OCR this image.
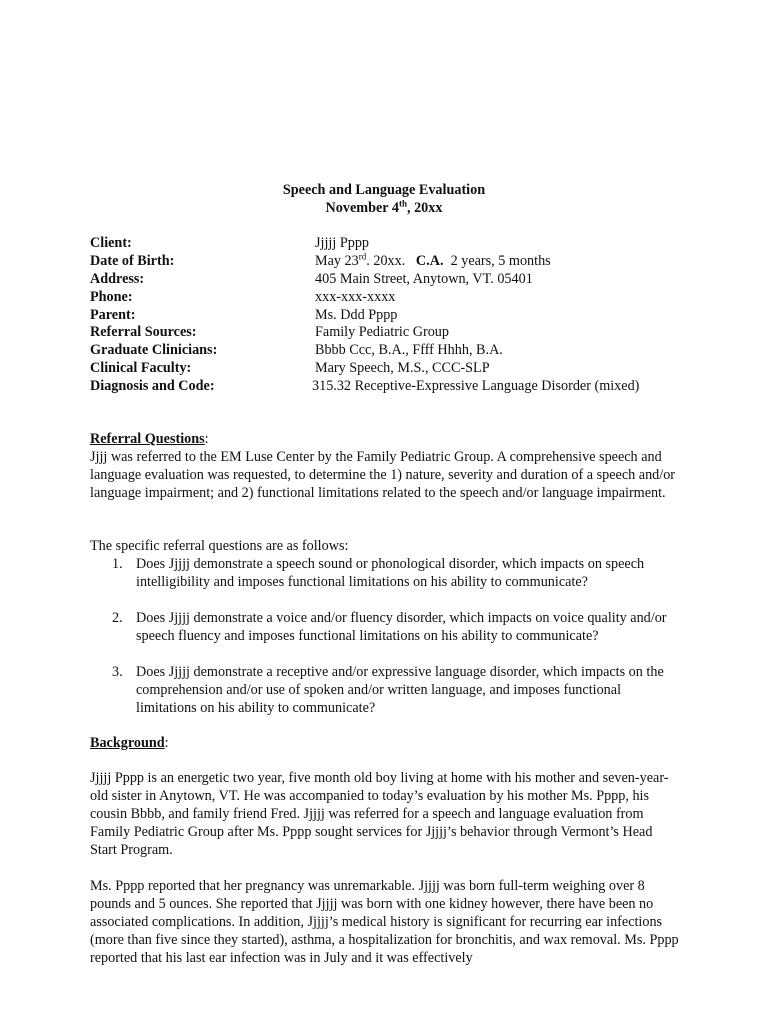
Speech and Language Evaluation
November 4th, 20xx
Client:	Jjjjj Pppp
Date of Birth:	May 23rd. 20xx.   C.A.  2 years, 5 months
Address:	405 Main Street, Anytown, VT. 05401
Phone:	xxx-xxx-xxxx
Parent:	Ms. Ddd Pppp
Referral Sources:	Family Pediatric Group
Graduate Clinicians:	Bbbb Ccc, B.A., Ffff Hhhh, B.A.
Clinical Faculty:	Mary Speech, M.S., CCC-SLP
Diagnosis and Code:	315.32 Receptive-Expressive Language Disorder (mixed)

Referral Questions:

Jjjj was referred to the EM Luse Center by the Family Pediatric Group. A comprehensive speech and language evaluation was requested, to determine the 1) nature, severity and duration of a speech and/or language impairment; and 2) functional limitations related to the speech and/or language impairment.

The specific referral questions are as follows:
1. Does Jjjjj demonstrate a speech sound or phonological disorder, which impacts on speech intelligibility and imposes functional limitations on his ability to communicate?
2. Does Jjjjj demonstrate a voice and/or fluency disorder, which impacts on voice quality and/or speech fluency and imposes functional limitations on his ability to communicate?
3. Does Jjjjj demonstrate a receptive and/or expressive language disorder, which impacts on the comprehension and/or use of spoken and/or written language, and imposes functional limitations on his ability to communicate?
Background:
Jjjjj Pppp is an energetic two year, five month old boy living at home with his mother and seven-year-old sister in Anytown, VT. He was accompanied to today’s evaluation by his mother Ms. Pppp, his cousin Bbbb, and family friend Fred. Jjjjj was referred for a speech and language evaluation from Family Pediatric Group after Ms. Pppp sought services for Jjjjj’s behavior through Vermont’s Head Start Program.
Ms. Pppp reported that her pregnancy was unremarkable. Jjjjj was born full-term weighing over 8 pounds and 5 ounces. She reported that Jjjjj was born with one kidney however, there have been no associated complications. In addition, Jjjjj’s medical history is significant for recurring ear infections (more than five since they started), asthma, a hospitalization for bronchitis, and wax removal. Ms. Pppp reported that his last ear infection was in July and it was effectively
